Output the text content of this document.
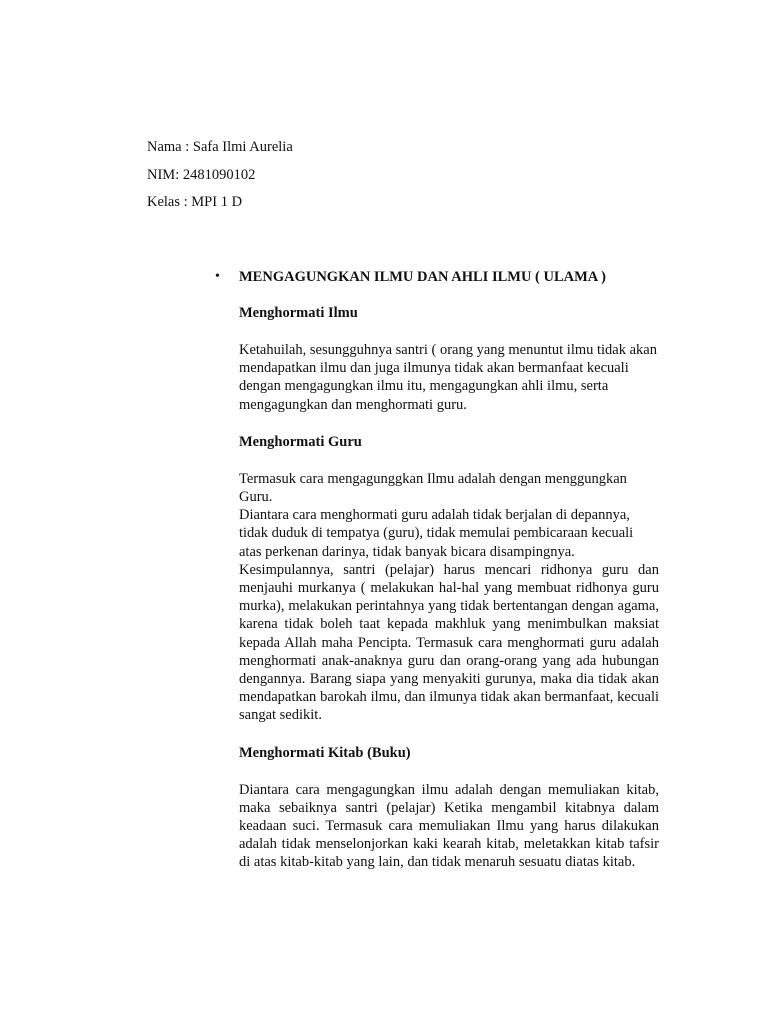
Nama : Safa Ilmi Aurelia
NIM: 2481090102
Kelas : MPI 1 D
• MENGAGUNGKAN ILMU DAN AHLI ILMU ( ULAMA )
Menghormati Ilmu
Ketahuilah, sesungguhnya santri ( orang yang menuntut ilmu tidak akan mendapatkan ilmu dan juga ilmunya tidak akan bermanfaat kecuali dengan mengagungkan ilmu itu, mengagungkan ahli ilmu, serta mengagungkan dan menghormati guru.
Menghormati Guru
Termasuk cara mengagunggkan Ilmu adalah dengan menggungkan Guru.
Diantara cara menghormati guru adalah tidak berjalan di depannya, tidak duduk di tempatya (guru), tidak memulai pembicaraan kecuali atas perkenan darinya, tidak banyak bicara disampingnya.
Kesimpulannya, santri (pelajar) harus mencari ridhonya guru dan menjauhi murkanya ( melakukan hal-hal yang membuat ridhonya guru murka), melakukan perintahnya yang tidak bertentangan dengan agama, karena tidak boleh taat kepada makhluk yang menimbulkan maksiat kepada Allah maha Pencipta. Termasuk cara menghormati guru adalah menghormati anak-anaknya guru dan orang-orang yang ada hubungan dengannya. Barang siapa yang menyakiti gurunya, maka dia tidak akan mendapatkan barokah ilmu, dan ilmunya tidak akan bermanfaat, kecuali sangat sedikit.
Menghormati Kitab (Buku)
Diantara cara mengagungkan ilmu adalah dengan memuliakan kitab, maka sebaiknya santri (pelajar) Ketika mengambil kitabnya dalam keadaan suci. Termasuk cara memuliakan Ilmu yang harus dilakukan adalah tidak menselonjorkan kaki kearah kitab, meletakkan kitab tafsir di atas kitab-kitab yang lain, dan tidak menaruh sesuatu diatas kitab.
